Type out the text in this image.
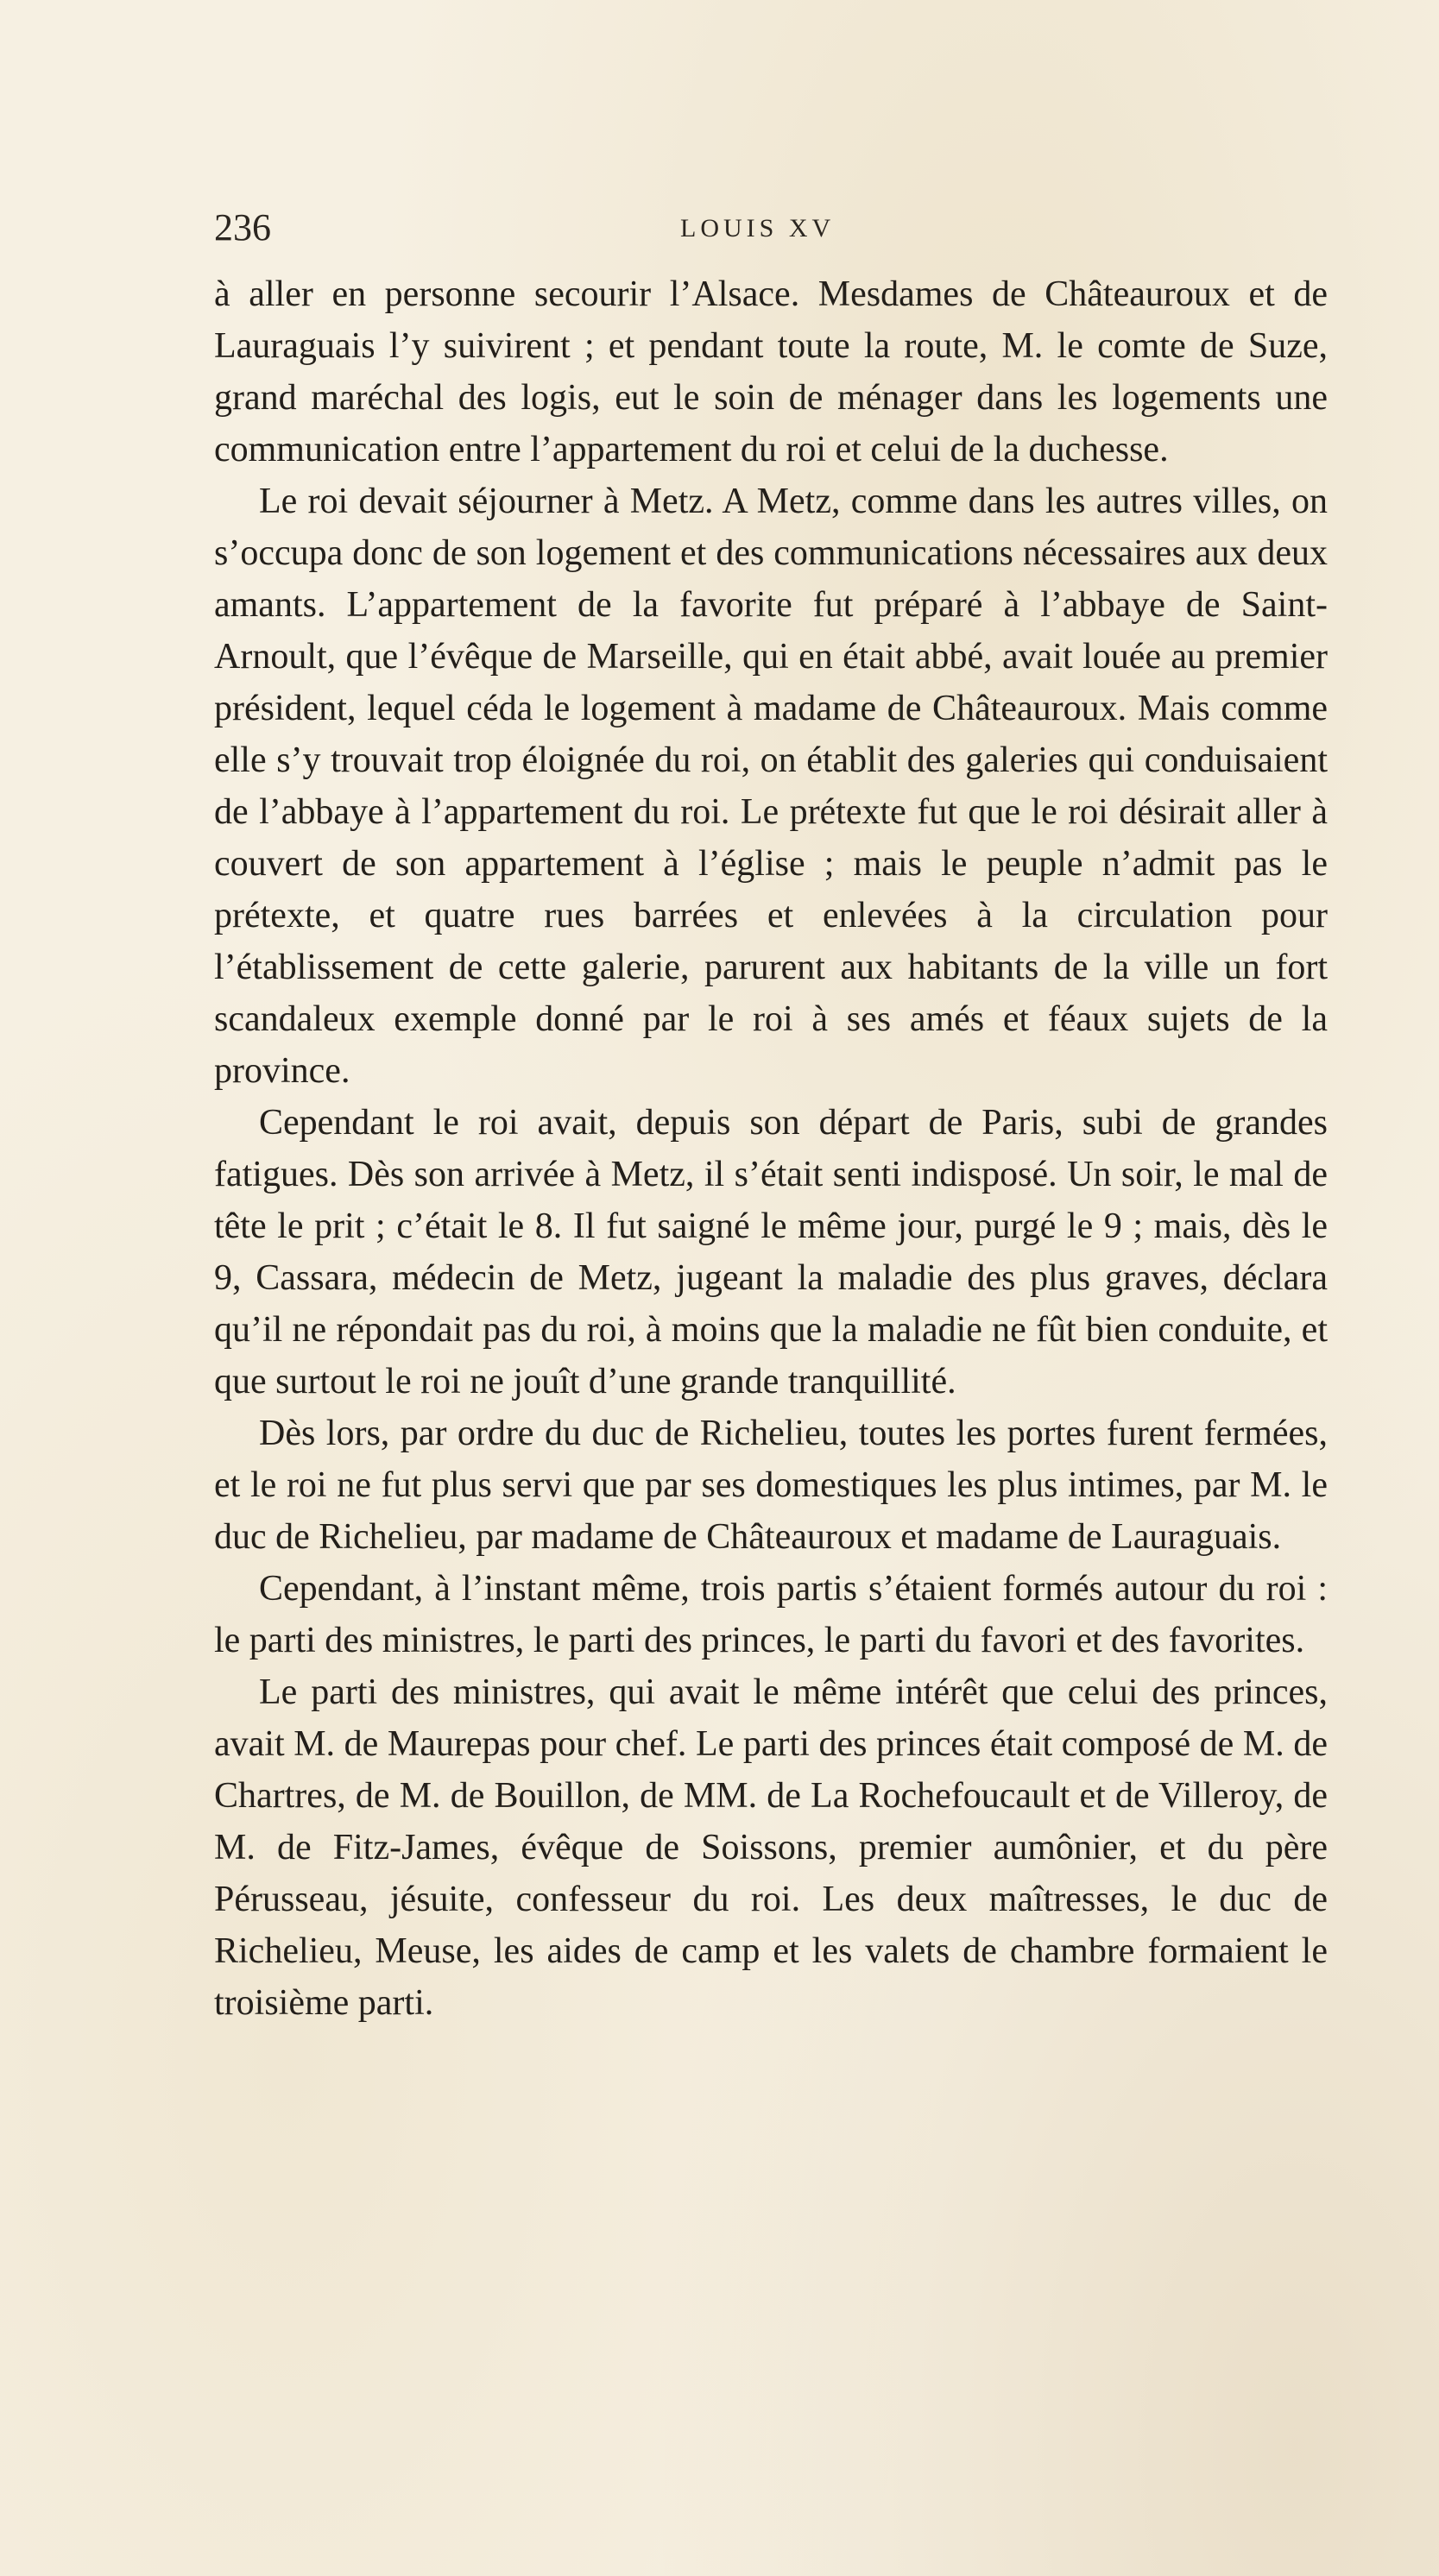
236	LOUIS XV

à aller en personne secourir l’Alsace. Mesdames de Châteauroux et de Lauraguais l’y suivirent ; et pendant toute la route, M. le comte de Suze, grand maréchal des logis, eut le soin de ménager dans les logements une communication entre l’appartement du roi et celui de la duchesse.

Le roi devait séjourner à Metz. A Metz, comme dans les autres villes, on s’occupa donc de son logement et des communications nécessaires aux deux amants. L’appartement de la favorite fut préparé à l’abbaye de Saint-Arnoult, que l’évêque de Marseille, qui en était abbé, avait louée au premier président, lequel céda le logement à madame de Châteauroux. Mais comme elle s’y trouvait trop éloignée du roi, on établit des galeries qui conduisaient de l’abbaye à l’appartement du roi. Le prétexte fut que le roi désirait aller à couvert de son appartement à l’église ; mais le peuple n’admit pas le prétexte, et quatre rues barrées et enlevées à la circulation pour l’établissement de cette galerie, parurent aux habitants de la ville un fort scandaleux exemple donné par le roi à ses amés et féaux sujets de la province.

Cependant le roi avait, depuis son départ de Paris, subi de grandes fatigues. Dès son arrivée à Metz, il s’était senti indisposé. Un soir, le mal de tête le prit ; c’était le 8. Il fut saigné le même jour, purgé le 9 ; mais, dès le 9, Cassara, médecin de Metz, jugeant la maladie des plus graves, déclara qu’il ne répondait pas du roi, à moins que la maladie ne fût bien conduite, et que surtout le roi ne jouît d’une grande tranquillité.

Dès lors, par ordre du duc de Richelieu, toutes les portes furent fermées, et le roi ne fut plus servi que par ses domestiques les plus intimes, par M. le duc de Richelieu, par madame de Châteauroux et madame de Lauraguais.

Cependant, à l’instant même, trois partis s’étaient formés autour du roi : le parti des ministres, le parti des princes, le parti du favori et des favorites.

Le parti des ministres, qui avait le même intérêt que celui des princes, avait M. de Maurepas pour chef. Le parti des princes était composé de M. de Chartres, de M. de Bouillon, de MM. de La Rochefoucault et de Villeroy, de M. de Fitz-James, évêque de Soissons, premier aumônier, et du père Pérusseau, jésuite, confesseur du roi. Les deux maîtresses, le duc de Richelieu, Meuse, les aides de camp et les valets de chambre formaient le troisième parti.
